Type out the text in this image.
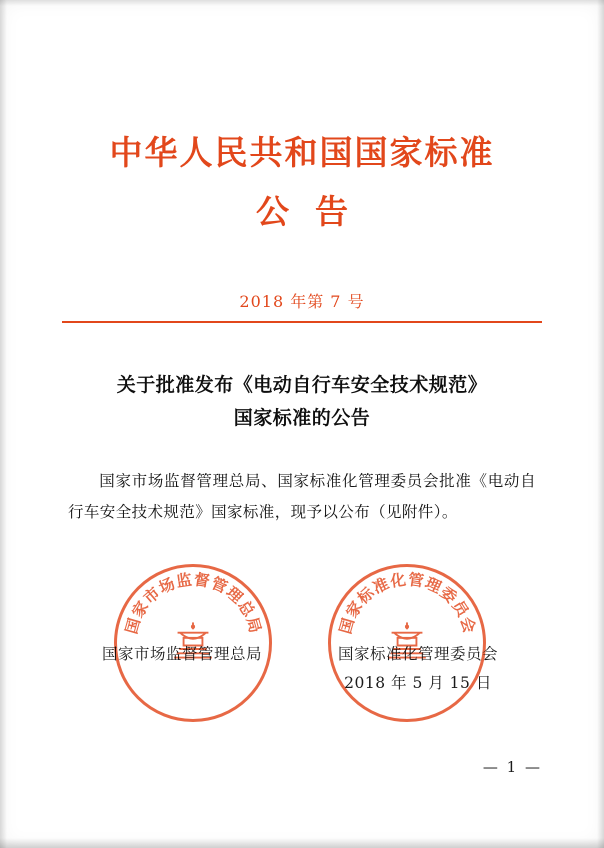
中华人民共和国国家标准
公告
2018 年第 7 号
关于批准发布《电动自行车安全技术规范》
国家标准的公告
国家市场监督管理总局、国家标准化管理委员会批准《电动自行车安全技术规范》国家标准，现予以公布（见附件）。
国家市场监督管理总局	国家标准化管理委员会
国家市场监督管理总局	国家标准化管理委员会
2018 年 5 月 15 日
— 1 —
